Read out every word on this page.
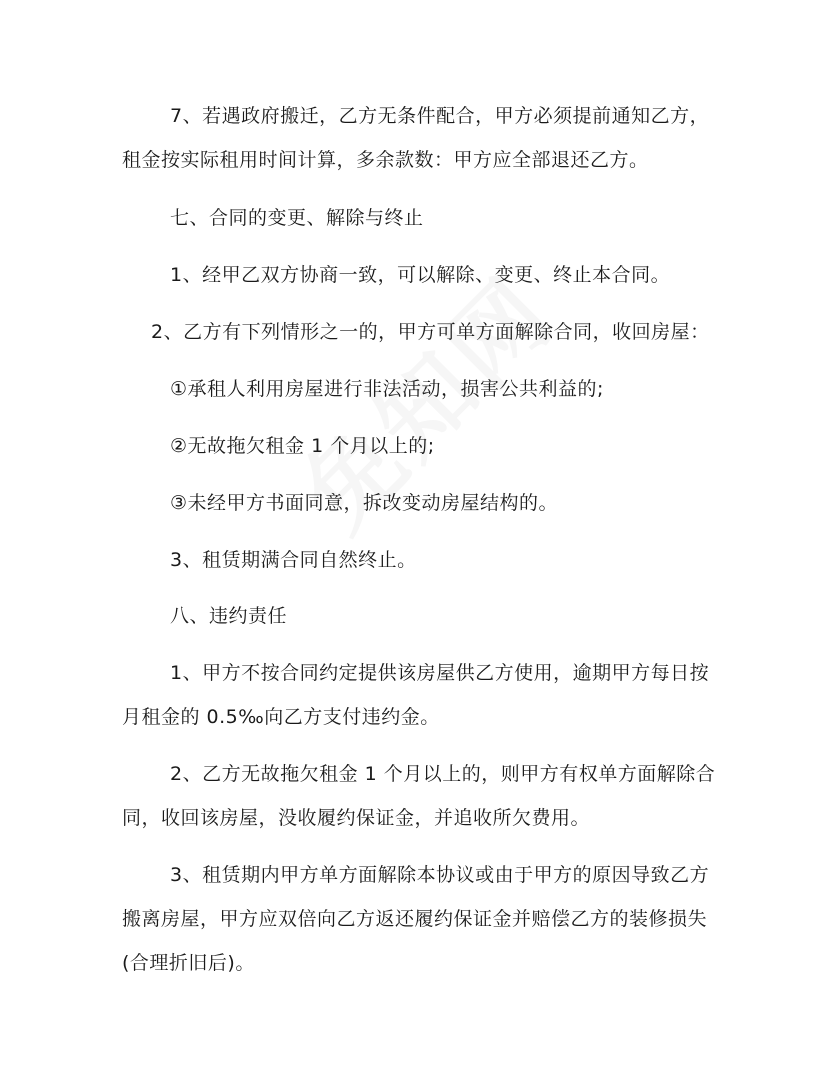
7、若遇政府搬迁，乙方无条件配合，甲方必须提前通知乙方，
租金按实际租用时间计算，多余款数：甲方应全部退还乙方。
七、合同的变更、解除与终止
1、经甲乙双方协商一致，可以解除、变更、终止本合同。
2、乙方有下列情形之一的，甲方可单方面解除合同，收回房屋：
①承租人利用房屋进行非法活动，损害公共利益的;
②无故拖欠租金 1 个月以上的;
③未经甲方书面同意，拆改变动房屋结构的。
3、租赁期满合同自然终止。
八、违约责任
1、甲方不按合同约定提供该房屋供乙方使用，逾期甲方每日按
月租金的 0.5‰向乙方支付违约金。
2、乙方无故拖欠租金 1 个月以上的，则甲方有权单方面解除合
同，收回该房屋，没收履约保证金，并追收所欠费用。
3、租赁期内甲方单方面解除本协议或由于甲方的原因导致乙方
搬离房屋，甲方应双倍向乙方返还履约保证金并赔偿乙方的装修损失
(合理折旧后)。
